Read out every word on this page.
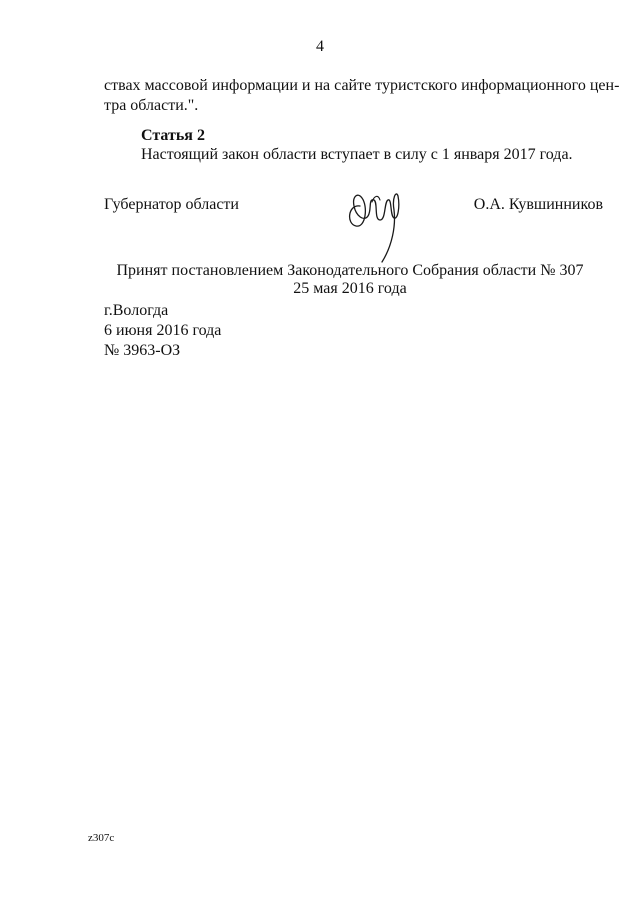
4
ствах массовой информации и на сайте туристского информационного цен-
тра области.".
Статья 2
Настоящий закон области вступает в силу с 1 января 2017 года.
Губернатор области	О.А. Кувшинников
Принят постановлением Законодательного Собрания области № 307
25 мая 2016 года
г.Вологда
6 июня 2016 года
№ 3963-ОЗ
z307c
